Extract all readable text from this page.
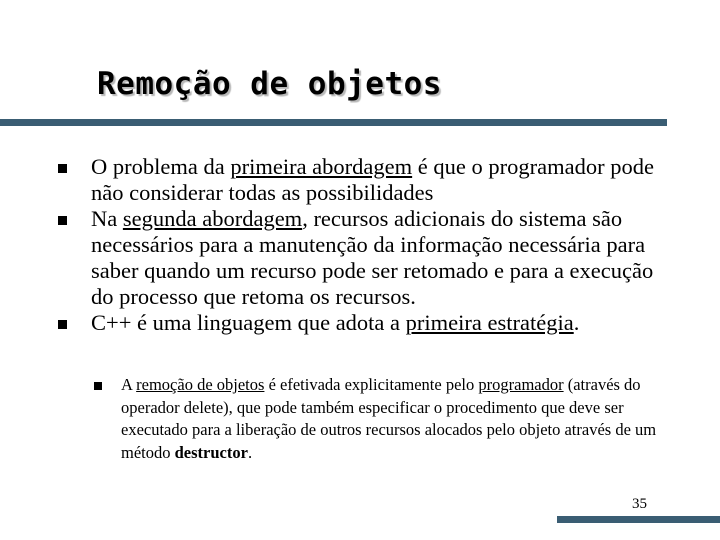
Remoção de objetos
O problema da primeira abordagem é que o programador pode não considerar todas as possibilidades
Na segunda abordagem, recursos adicionais do sistema são necessários para a manutenção da informação necessária para saber quando um recurso pode ser retomado e para a execução do processo que retoma os recursos.
C++ é uma linguagem que adota a primeira estratégia.
A remoção de objetos é efetivada explicitamente pelo programador (através do operador delete), que pode também especificar o procedimento que deve ser executado para a liberação de outros recursos alocados pelo objeto através de um método destructor.
35
